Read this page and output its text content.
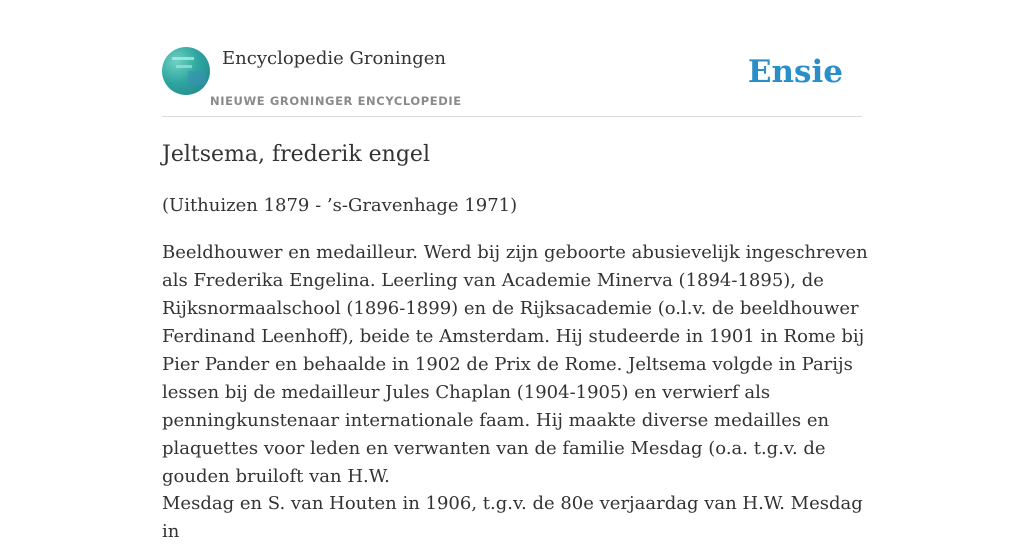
Encyclopedie Groningen
NIEUWE GRONINGER ENCYCLOPEDIE
Ensie
Jeltsema, frederik engel

(Uithuizen 1879 - ’s-Gravenhage 1971)

Beeldhouwer en medailleur. Werd bij zijn geboorte abusievelijk ingeschreven als Frederika Engelina. Leerling van Academie Minerva (1894-1895), de Rijksnormaalschool (1896-1899) en de Rijksacademie (o.l.v. de beeldhouwer Ferdinand Leenhoff), beide te Amsterdam. Hij studeerde in 1901 in Rome bij Pier Pander en behaalde in 1902 de Prix de Rome. Jeltsema volgde in Parijs lessen bij de medailleur Jules Chaplan (1904-1905) en verwierf als penningkunstenaar internationale faam. Hij maakte diverse medailles en plaquettes voor leden en verwanten van de familie Mesdag (o.a. t.g.v. de gouden bruiloft van H.W.

Mesdag en S. van Houten in 1906, t.g.v. de 80e verjaardag van H.W. Mesdag in
